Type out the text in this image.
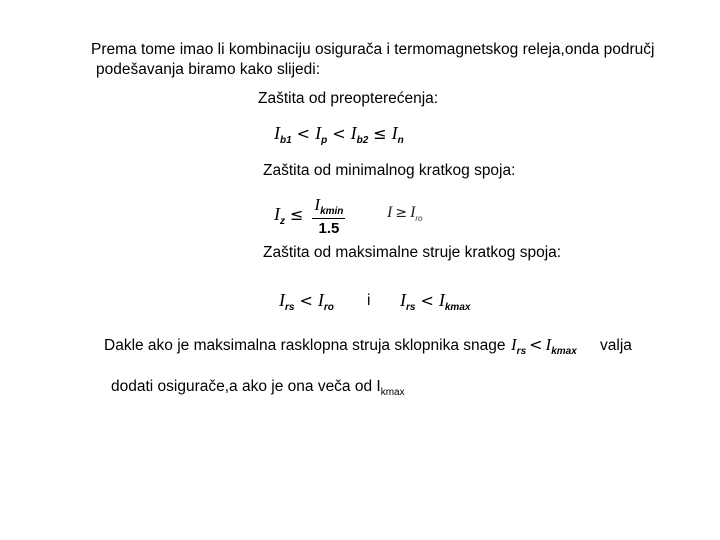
Prema tome imao li kombinaciju osigurača i termomagnetskog releja,onda područj
podešavanja biramo kako slijedi:
Zaštita od preopterećenja:
$I_{b1} < I_p < I_{b2} \le I_n$
Zaštita od minimalnog kratkog spoja:
$I_z \le \frac{I_{kmin}}{1.5}$	$I \ge I_{ro}$
Zaštita od maksimalne struje kratkog spoja:
$I_{rs} < I_{ro}$ i $I_{rs} < I_{kmax}$
Dakle ako je maksimalna rasklopna struja sklopnika snage $I_{rs} < I_{kmax}$ valja
dodati osigurače,a ako je ona veča od $I_{kmax}$
